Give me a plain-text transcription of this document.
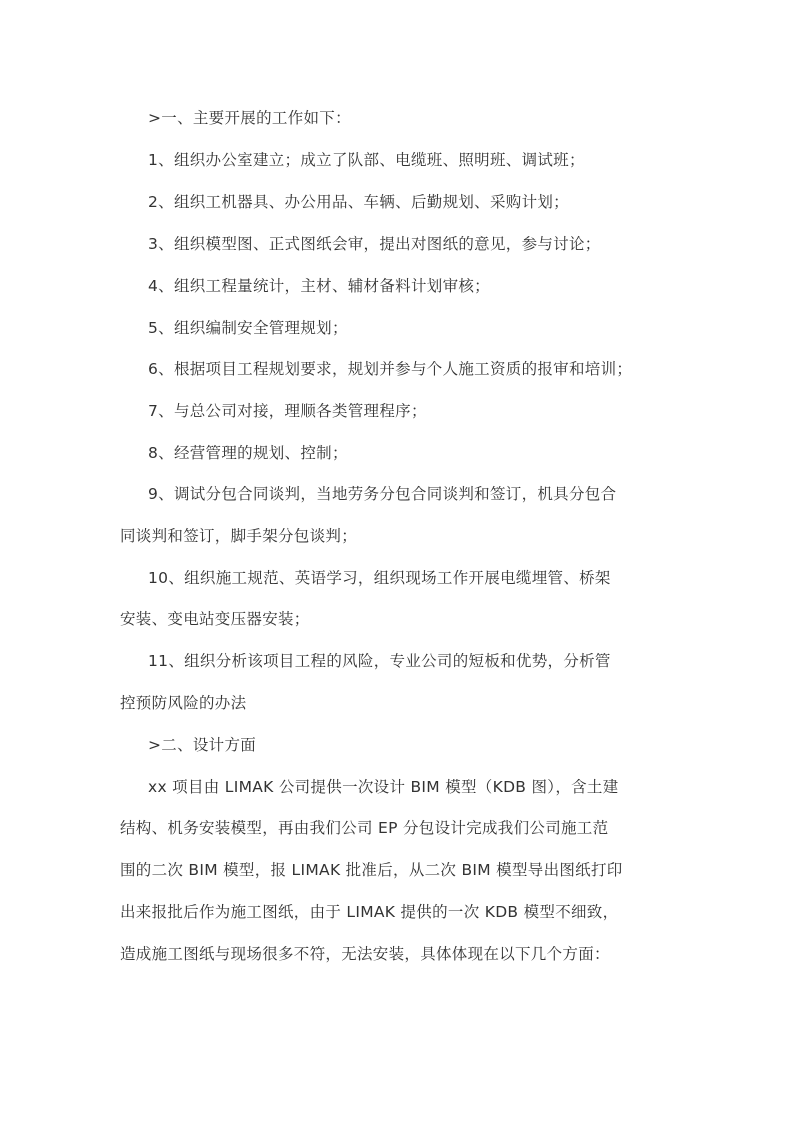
>一、主要开展的工作如下：
1、组织办公室建立；成立了队部、电缆班、照明班、调试班；
2、组织工机器具、办公用品、车辆、后勤规划、采购计划；
3、组织模型图、正式图纸会审，提出对图纸的意见，参与讨论；
4、组织工程量统计，主材、辅材备料计划审核；
5、组织编制安全管理规划；
6、根据项目工程规划要求，规划并参与个人施工资质的报审和培训；
7、与总公司对接，理顺各类管理程序；
8、经营管理的规划、控制；
9、调试分包合同谈判，当地劳务分包合同谈判和签订，机具分包合
同谈判和签订，脚手架分包谈判；
10、组织施工规范、英语学习，组织现场工作开展电缆埋管、桥架
安装、变电站变压器安装；
11、组织分析该项目工程的风险，专业公司的短板和优势，分析管
控预防风险的办法
>二、设计方面
xx 项目由 LIMAK 公司提供一次设计 BIM 模型（KDB 图），含土建
结构、机务安装模型，再由我们公司 EP 分包设计完成我们公司施工范
围的二次 BIM 模型，报 LIMAK 批准后，从二次 BIM 模型导出图纸打印
出来报批后作为施工图纸，由于 LIMAK 提供的一次 KDB 模型不细致，
造成施工图纸与现场很多不符，无法安装，具体体现在以下几个方面：
